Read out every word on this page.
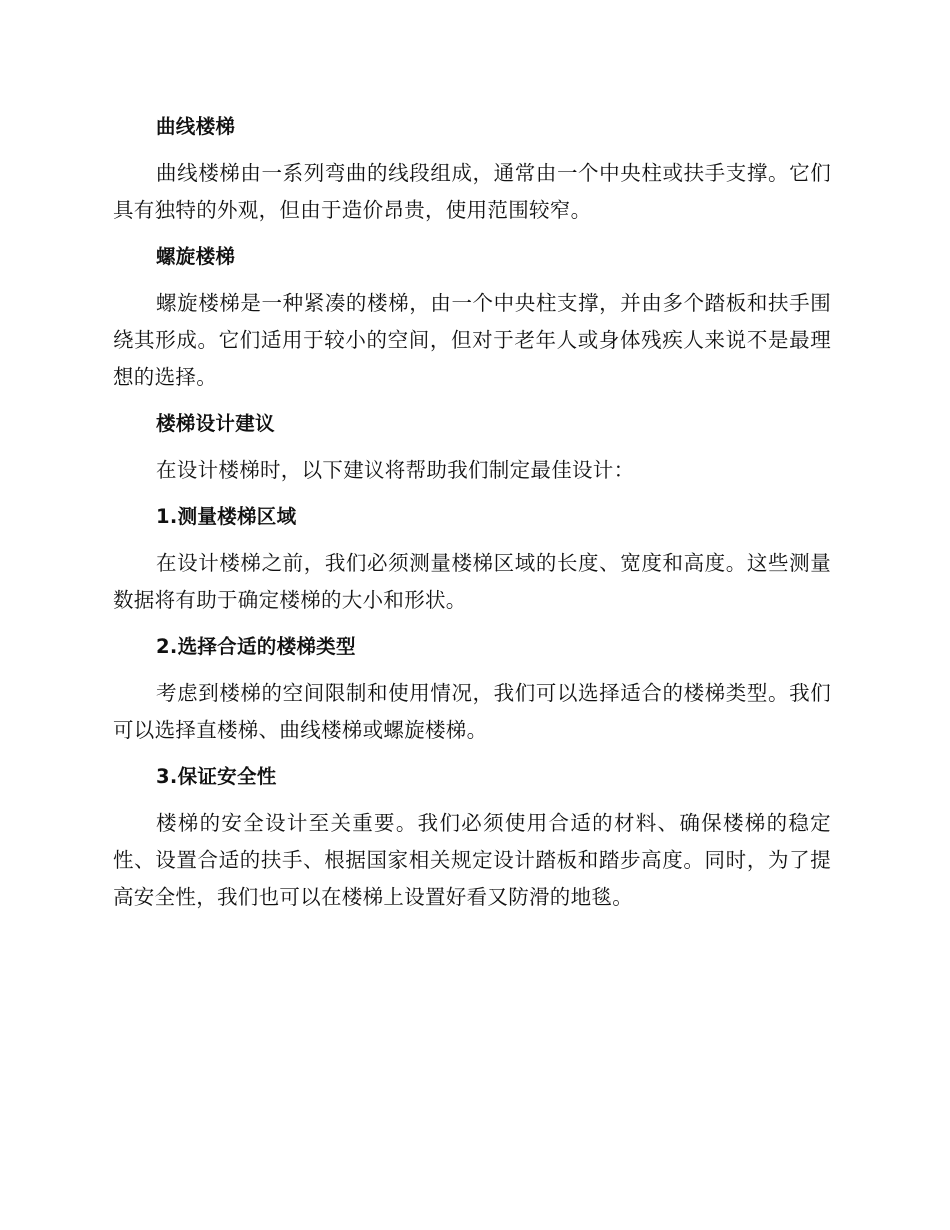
曲线楼梯

曲线楼梯由一系列弯曲的线段组成，通常由一个中央柱或扶手支撑。它们具有独特的外观，但由于造价昂贵，使用范围较窄。

螺旋楼梯

螺旋楼梯是一种紧凑的楼梯，由一个中央柱支撑，并由多个踏板和扶手围绕其形成。它们适用于较小的空间，但对于老年人或身体残疾人来说不是最理想的选择。

楼梯设计建议

在设计楼梯时，以下建议将帮助我们制定最佳设计：

1.测量楼梯区域

在设计楼梯之前，我们必须测量楼梯区域的长度、宽度和高度。这些测量数据将有助于确定楼梯的大小和形状。

2.选择合适的楼梯类型

考虑到楼梯的空间限制和使用情况，我们可以选择适合的楼梯类型。我们可以选择直楼梯、曲线楼梯或螺旋楼梯。

3.保证安全性

楼梯的安全设计至关重要。我们必须使用合适的材料、确保楼梯的稳定性、设置合适的扶手、根据国家相关规定设计踏板和踏步高度。同时，为了提高安全性，我们也可以在楼梯上设置好看又防滑的地毯。
